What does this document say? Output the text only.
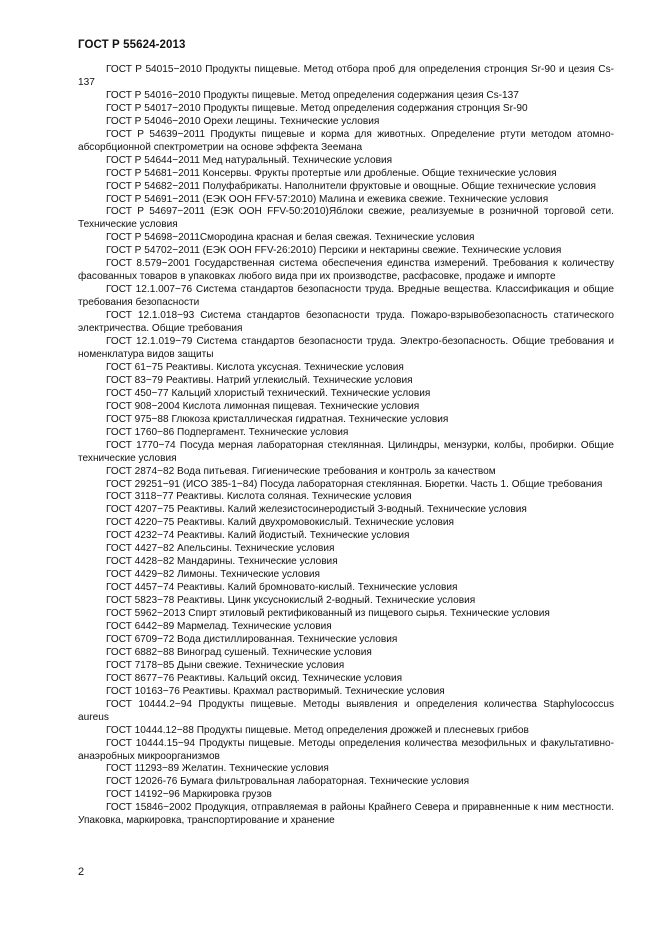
ГОСТ Р 55624-2013

ГОСТ Р 54015−2010 Продукты пищевые. Метод отбора проб для определения стронция Sr-90 и цезия Cs-137

ГОСТ Р 54016−2010 Продукты пищевые. Метод определения содержания цезия Cs-137

ГОСТ Р 54017−2010 Продукты пищевые. Метод определения содержания стронция Sr-90

ГОСТ Р 54046−2010 Орехи лещины. Технические условия

ГОСТ Р 54639−2011 Продукты пищевые и корма для животных. Определение ртути методом атомно-абсорбционной спектрометрии на основе эффекта Зеемана

ГОСТ Р 54644−2011 Мед натуральный. Технические условия

ГОСТ Р 54681−2011 Консервы. Фрукты протертые или дробленые. Общие технические условия

ГОСТ Р 54682−2011 Полуфабрикаты. Наполнители фруктовые и овощные. Общие технические условия

ГОСТ Р 54691−2011 (ЕЭК ООН FFV-57:2010) Малина и ежевика свежие. Технические условия

ГОСТ Р 54697−2011 (ЕЭК ООН FFV-50:2010)Яблоки свежие, реализуемые в розничной торговой сети. Технические условия

ГОСТ Р 54698−2011Смородина красная и белая свежая. Технические условия

ГОСТ Р 54702−2011 (ЕЭК ООН FFV-26:2010) Персики и нектарины свежие. Технические условия

ГОСТ 8.579−2001 Государственная система обеспечения единства измерений. Требования к количеству фасованных товаров в упаковках любого вида при их производстве, расфасовке, продаже и импорте

ГОСТ 12.1.007−76 Система стандартов безопасности труда. Вредные вещества. Классификация и общие требования безопасности

ГОСТ 12.1.018−93 Система стандартов безопасности труда. Пожаро-взрывобезопасность статического электричества. Общие требования

ГОСТ 12.1.019−79 Система стандартов безопасности труда. Электро-безопасность. Общие требования и номенклатура видов защиты

ГОСТ 61−75 Реактивы. Кислота уксусная. Технические условия

ГОСТ 83−79 Реактивы. Натрий углекислый. Технические условия

ГОСТ 450−77 Кальций хлористый технический. Технические условия

ГОСТ 908−2004 Кислота лимонная пищевая. Технические условия

ГОСТ 975−88 Глюкоза кристаллическая гидратная. Технические условия

ГОСТ 1760−86 Подпергамент. Технические условия

ГОСТ 1770−74 Посуда мерная лабораторная стеклянная. Цилиндры, мензурки, колбы, пробирки. Общие технические условия

ГОСТ 2874−82 Вода питьевая. Гигиенические требования и контроль за качеством

ГОСТ 29251−91 (ИСО 385-1−84) Посуда лабораторная стеклянная. Бюретки. Часть 1. Общие требования

ГОСТ 3118−77 Реактивы. Кислота соляная. Технические условия

ГОСТ 4207−75 Реактивы. Калий железистосинеродистый 3-водный. Технические условия

ГОСТ 4220−75 Реактивы. Калий двухромовокислый. Технические условия

ГОСТ 4232−74 Реактивы. Калий йодистый. Технические условия

ГОСТ 4427−82 Апельсины. Технические условия

ГОСТ 4428−82 Мандарины. Технические условия

ГОСТ 4429−82 Лимоны. Технические условия

ГОСТ 4457−74 Реактивы. Калий бромновато-кислый. Технические условия

ГОСТ 5823−78 Реактивы. Цинк уксуснокислый 2-водный. Технические условия

ГОСТ 5962−2013 Спирт этиловый ректификованный из пищевого сырья. Технические условия

ГОСТ 6442−89 Мармелад. Технические условия

ГОСТ 6709−72 Вода дистиллированная. Технические условия

ГОСТ 6882−88 Виноград сушеный. Технические условия

ГОСТ 7178−85 Дыни свежие. Технические условия

ГОСТ 8677−76 Реактивы. Кальций оксид. Технические условия

ГОСТ 10163−76 Реактивы. Крахмал растворимый. Технические условия

ГОСТ 10444.2−94 Продукты пищевые. Методы выявления и определения количества Staphylococcus aureus

ГОСТ 10444.12−88 Продукты пищевые. Метод определения дрожжей и плесневых грибов

ГОСТ 10444.15−94 Продукты пищевые. Методы определения количества мезофильных и факультативно-анаэробных микроорганизмов

ГОСТ 11293−89 Желатин. Технические условия

ГОСТ 12026-76 Бумага фильтровальная лабораторная. Технические условия

ГОСТ 14192−96 Маркировка грузов

ГОСТ 15846−2002 Продукция, отправляемая в районы Крайнего Севера и приравненные к ним местности. Упаковка, маркировка, транспортирование и хранение

2
